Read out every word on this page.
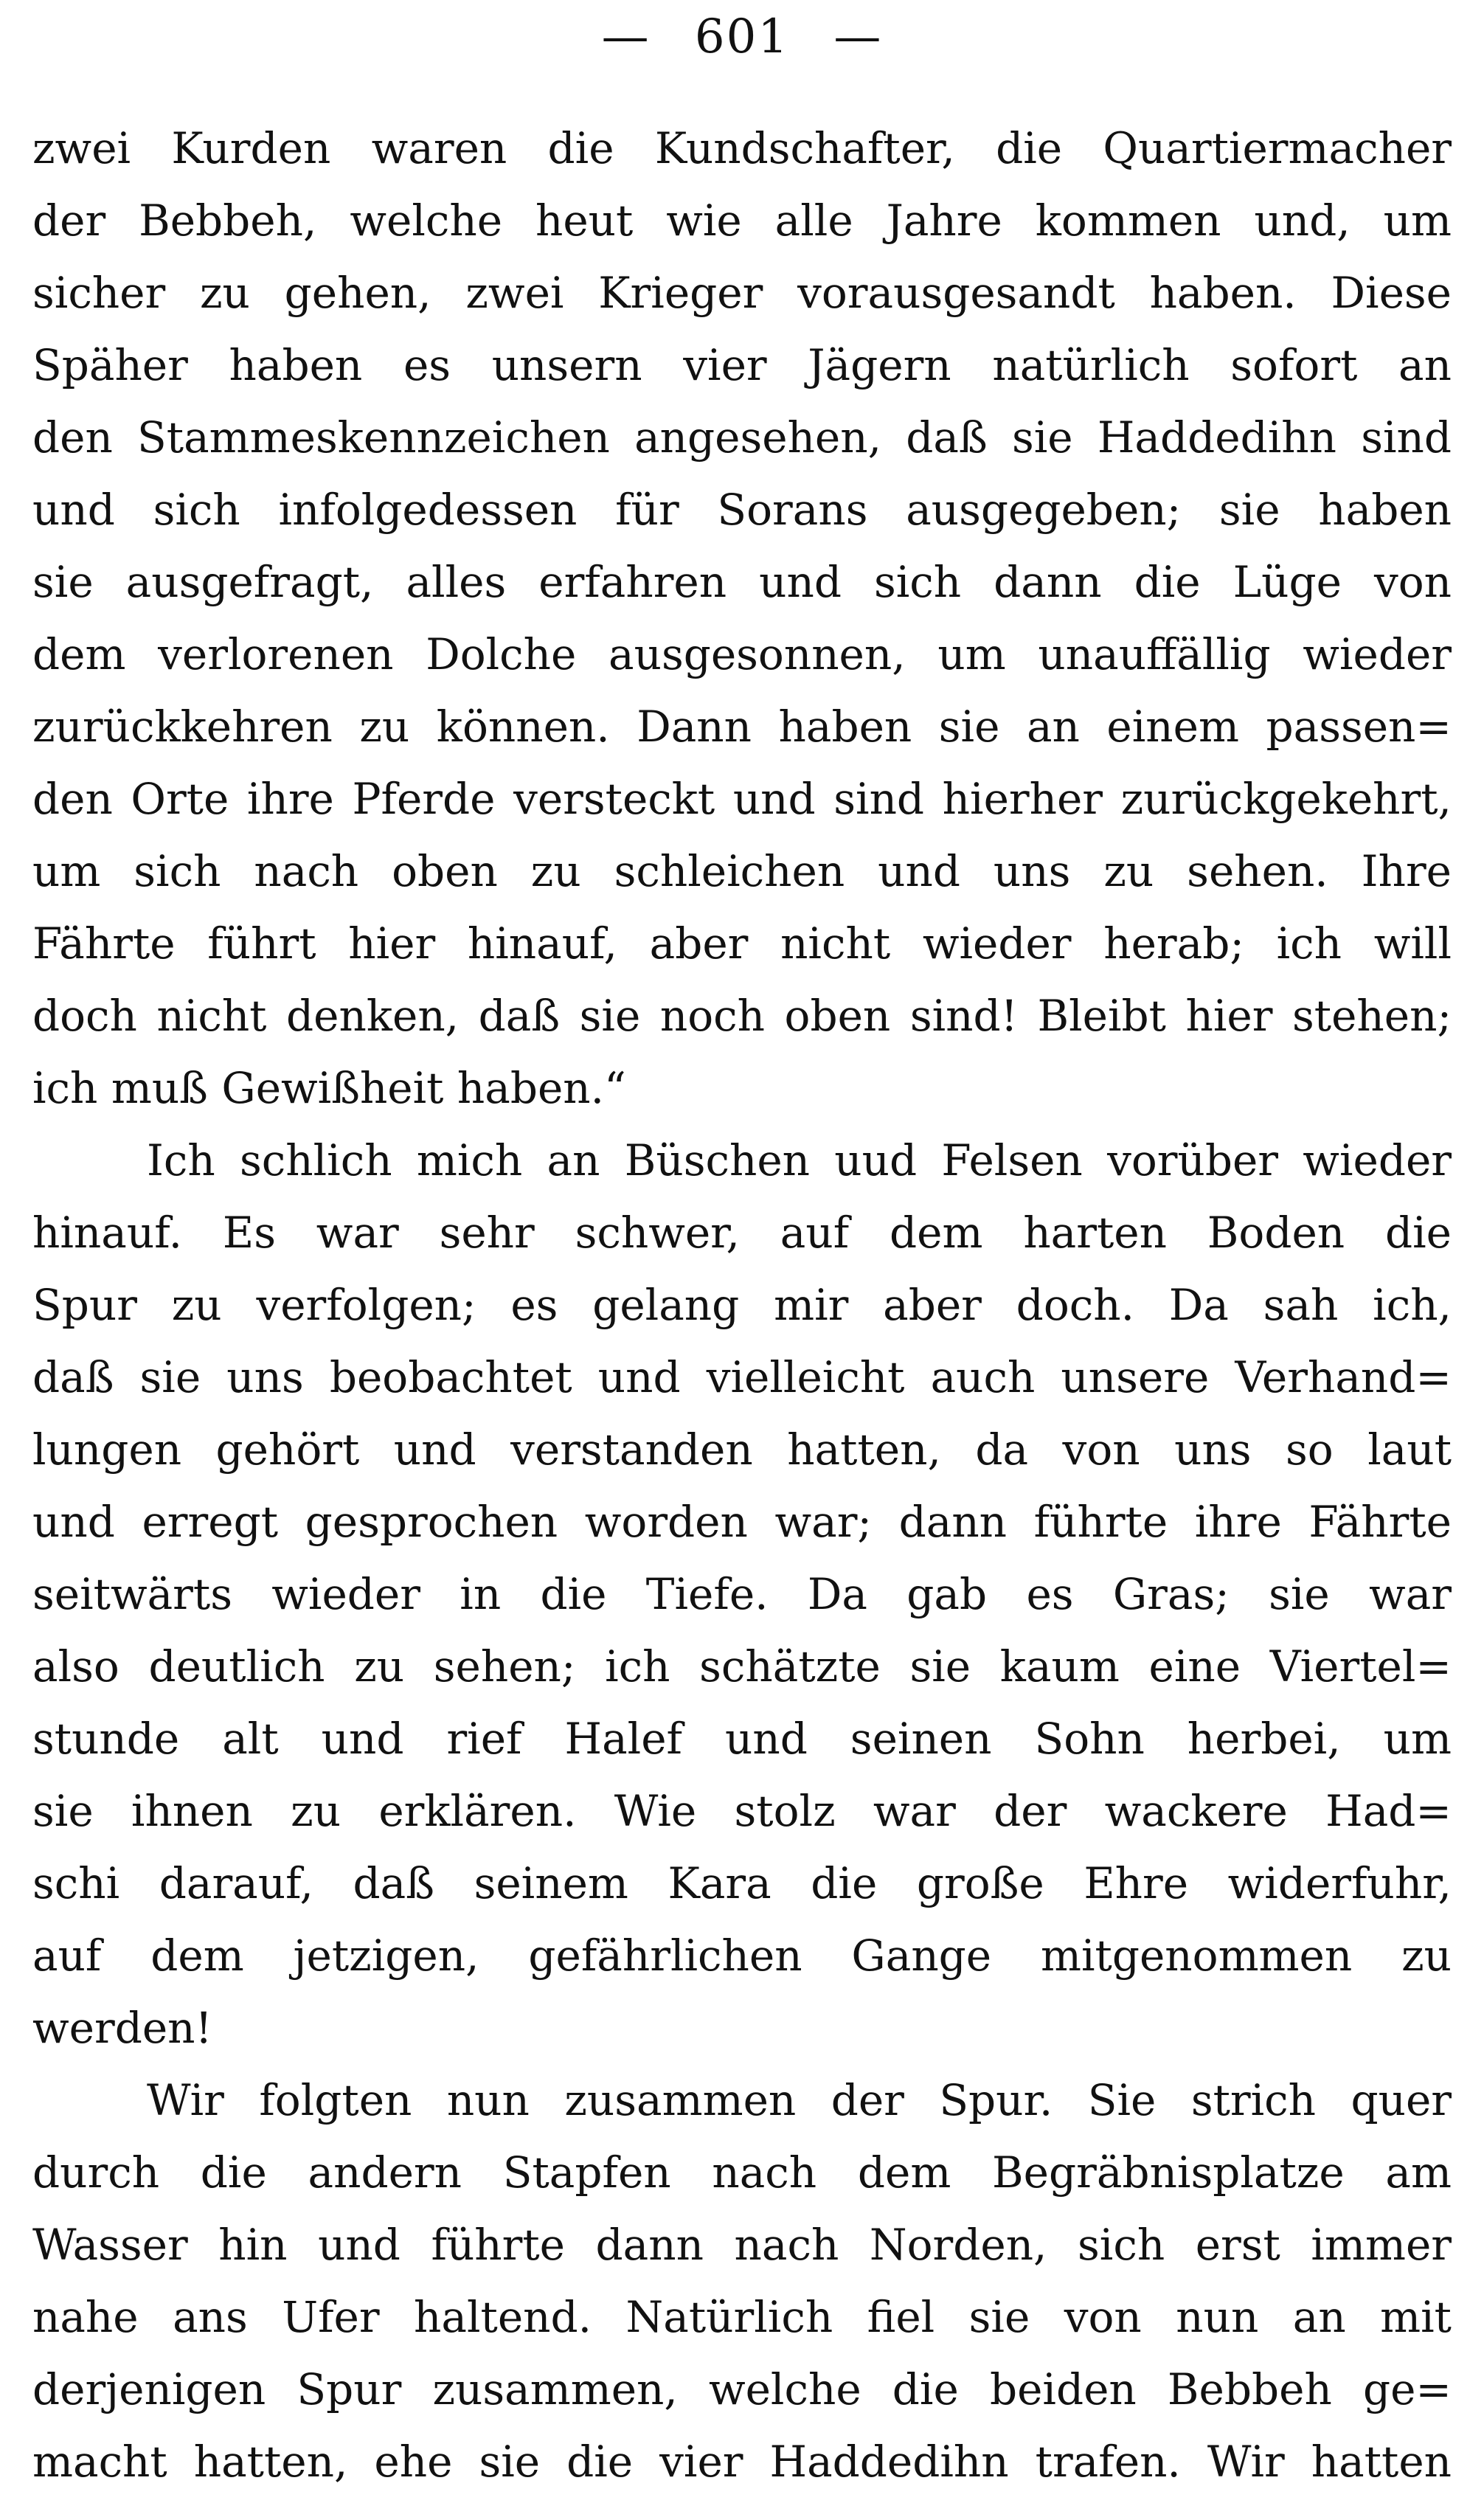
— 601 —
zwei Kurden waren die Kundschafter, die Quartiermacher
der Bebbeh, welche heut wie alle Jahre kommen und, um
sicher zu gehen, zwei Krieger vorausgesandt haben. Diese
Späher haben es unsern vier Jägern natürlich sofort an
den Stammeskennzeichen angesehen, daß sie Haddedihn sind
und sich infolgedessen für Sorans ausgegeben; sie haben
sie ausgefragt, alles erfahren und sich dann die Lüge von
dem verlorenen Dolche ausgesonnen, um unauffällig wieder
zurückkehren zu können. Dann haben sie an einem passen=
den Orte ihre Pferde versteckt und sind hierher zurückgekehrt,
um sich nach oben zu schleichen und uns zu sehen. Ihre
Fährte führt hier hinauf, aber nicht wieder herab; ich will
doch nicht denken, daß sie noch oben sind! Bleibt hier stehen;
ich muß Gewißheit haben.“
Ich schlich mich an Büschen uud Felsen vorüber wieder
hinauf. Es war sehr schwer, auf dem harten Boden die
Spur zu verfolgen; es gelang mir aber doch. Da sah ich,
daß sie uns beobachtet und vielleicht auch unsere Verhand=
lungen gehört und verstanden hatten, da von uns so laut
und erregt gesprochen worden war; dann führte ihre Fährte
seitwärts wieder in die Tiefe. Da gab es Gras; sie war
also deutlich zu sehen; ich schätzte sie kaum eine Viertel=
stunde alt und rief Halef und seinen Sohn herbei, um
sie ihnen zu erklären. Wie stolz war der wackere Had=
schi darauf, daß seinem Kara die große Ehre widerfuhr,
auf dem jetzigen, gefährlichen Gange mitgenommen zu
werden!
Wir folgten nun zusammen der Spur. Sie strich quer
durch die andern Stapfen nach dem Begräbnisplatze am
Wasser hin und führte dann nach Norden, sich erst immer
nahe ans Ufer haltend. Natürlich fiel sie von nun an mit
derjenigen Spur zusammen, welche die beiden Bebbeh ge=
macht hatten, ehe sie die vier Haddedihn trafen. Wir hatten
